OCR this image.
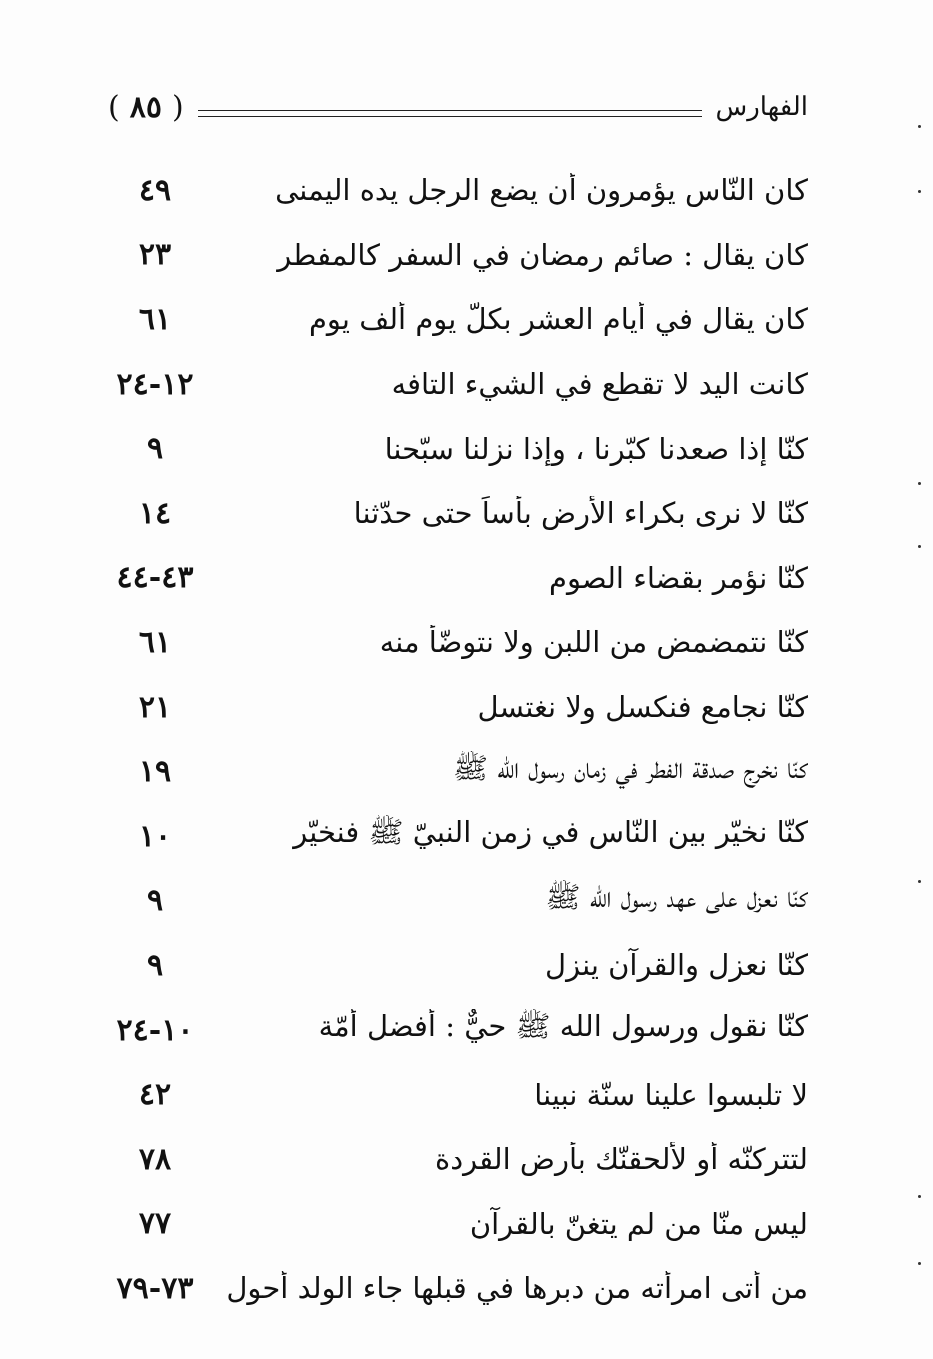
( ٨٥ )	الفهارس
٤٩	كان النّاس يؤمرون أن يضع الرجل يده اليمنى
٢٣	كان يقال : صائم رمضان في السفر كالمفطر
٦١	كان يقال في أيام العشر بكلّ يوم ألف يوم
١٢-٢٤	كانت اليد لا تقطع في الشيء التافه
٩	كنّا إذا صعدنا كبّرنا ، وإذا نزلنا سبّحنا
١٤	كنّا لا نرى بكراء الأرض بأساً حتى حدّثنا
٤٣-٤٤	كنّا نؤمر بقضاء الصوم
٦١	كنّا نتمضمض من اللبن ولا نتوضّأ منه
٢١	كنّا نجامع فنكسل ولا نغتسل
١٩	كنّا نخرج صدقة الفطر في زمان رسول الله ﷺ
١٠	كنّا نخيّر بين النّاس في زمن النبيّ ﷺ فنخيّر
٩	كنّا نعزل على عهد رسول الله ﷺ
٩	كنّا نعزل والقرآن ينزل
١٠-٢٤	كنّا نقول ورسول الله ﷺ حيٌّ : أفضل أمّة
٤٢	لا تلبسوا علينا سنّة نبينا
٧٨	لتتركنّه أو لألحقنّك بأرض القردة
٧٧	ليس منّا من لم يتغنّ بالقرآن
٧٣-٧٩	من أتى امرأته من دبرها في قبلها جاء الولد أحول
